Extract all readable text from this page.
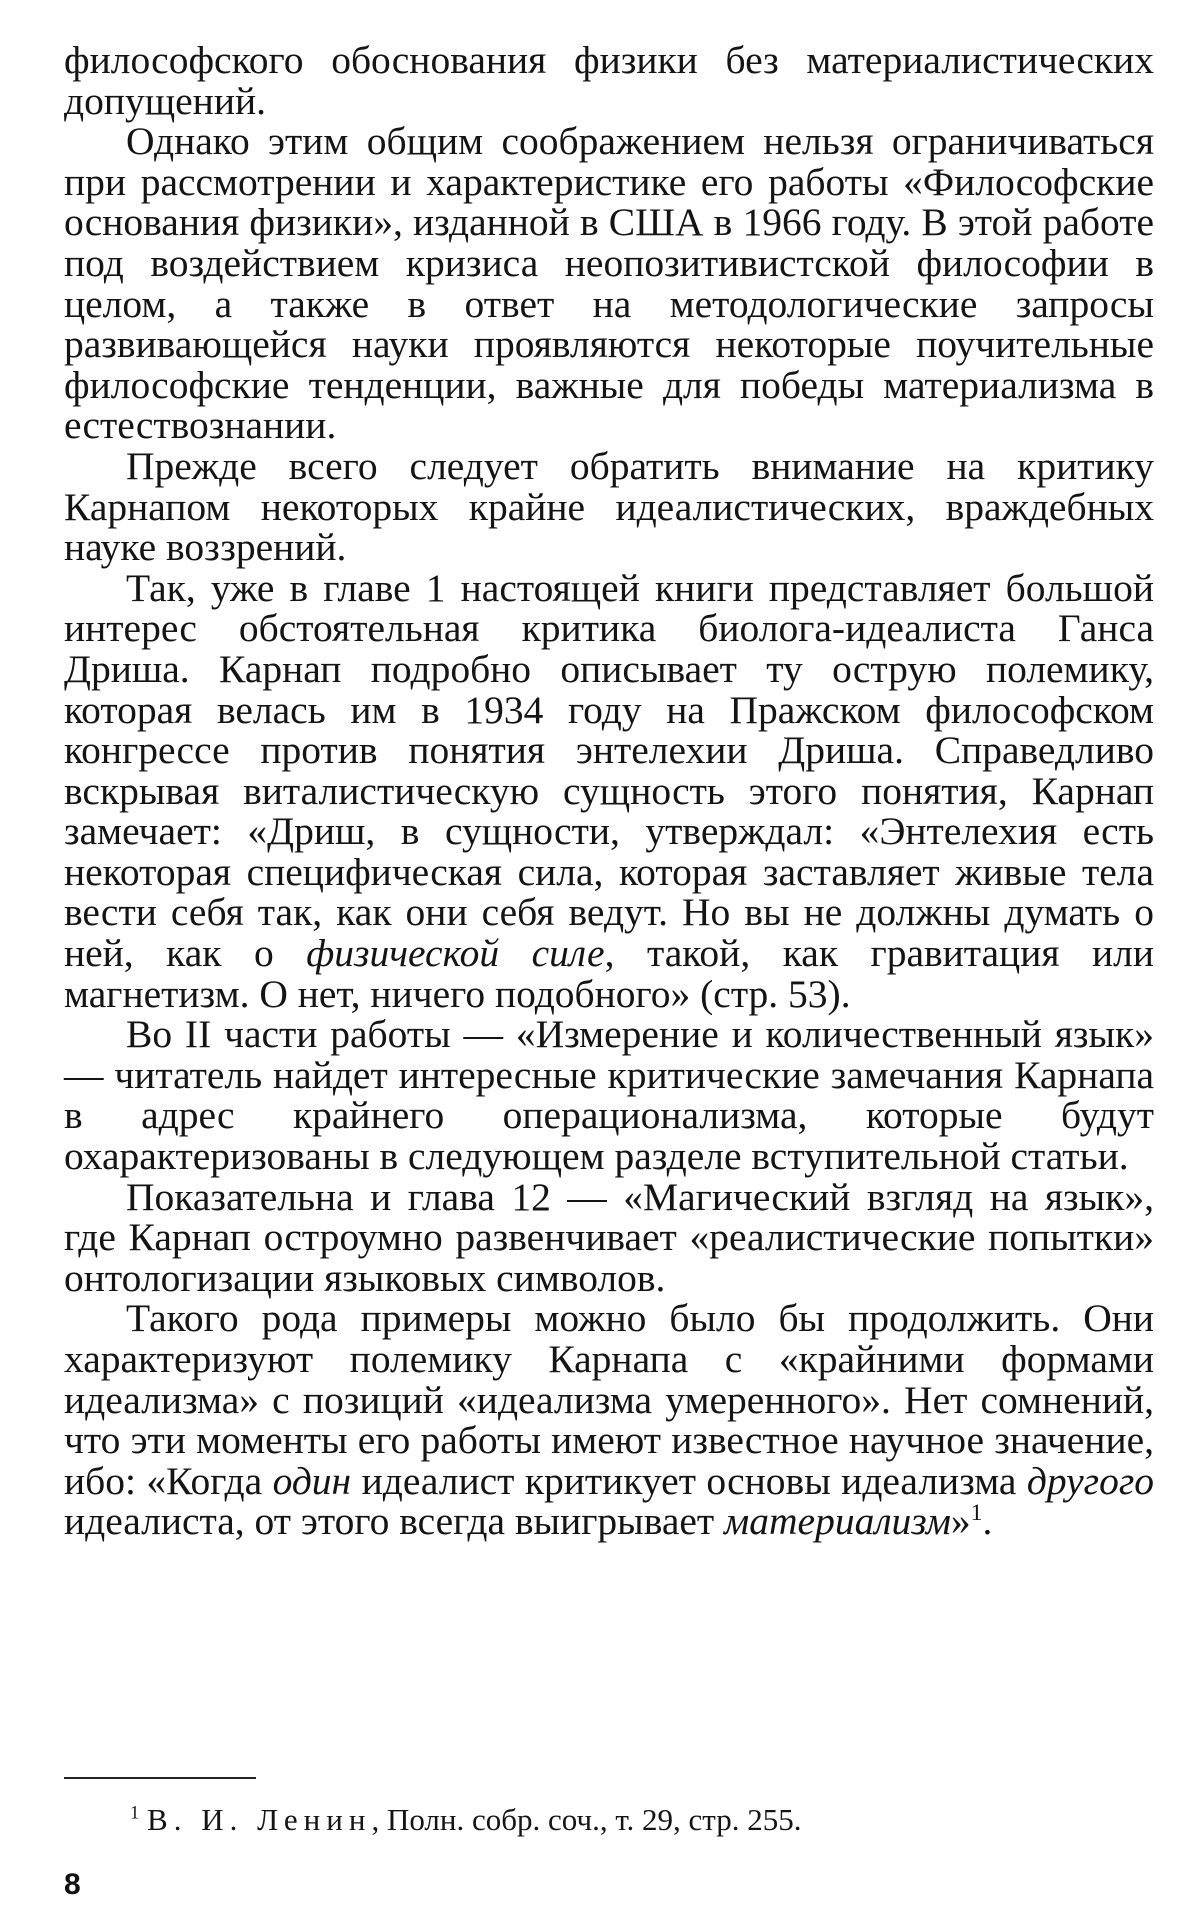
философского обоснования физики без материалистических допущений.

Однако этим общим соображением нельзя ограничиваться при рассмотрении и характеристике его работы «Философские основания физики», изданной в США в 1966 году. В этой работе под воздействием кризиса неопозитивистской философии в целом, а также в ответ на методологические запросы развивающейся науки проявляются некоторые поучительные философские тенденции, важные для победы материализма в естествознании.

Прежде всего следует обратить внимание на критику Карнапом некоторых крайне идеалистических, враждебных науке воззрений.

Так, уже в главе 1 настоящей книги представляет большой интерес обстоятельная критика биолога-идеалиста Ганса Дриша. Карнап подробно описывает ту острую полемику, которая велась им в 1934 году на Пражском философском конгрессе против понятия энтелехии Дриша. Справедливо вскрывая виталистическую сущность этого понятия, Карнап замечает: «Дриш, в сущности, утверждал: «Энтелехия есть некоторая специфическая сила, которая заставляет живые тела вести себя так, как они себя ведут. Но вы не должны думать о ней, как о физической силе, такой, как гравитация или магнетизм. О нет, ничего подобного» (стр. 53).

Во II части работы — «Измерение и количественный язык» — читатель найдет интересные критические замечания Карнапа в адрес крайнего операционализма, которые будут охарактеризованы в следующем разделе вступительной статьи.

Показательна и глава 12 — «Магический взгляд на язык», где Карнап остроумно развенчивает «реалистические попытки» онтологизации языковых символов.

Такого рода примеры можно было бы продолжить. Они характеризуют полемику Карнапа с «крайними формами идеализма» с позиций «идеализма умеренного». Нет сомнений, что эти моменты его работы имеют известное научное значение, ибо: «Когда один идеалист критикует основы идеализма другого идеалиста, от этого всегда выигрывает материализм»$^1$.

$^1$ В. И. Ленин, Полн. собр. соч., т. 29, стр. 255.
8
